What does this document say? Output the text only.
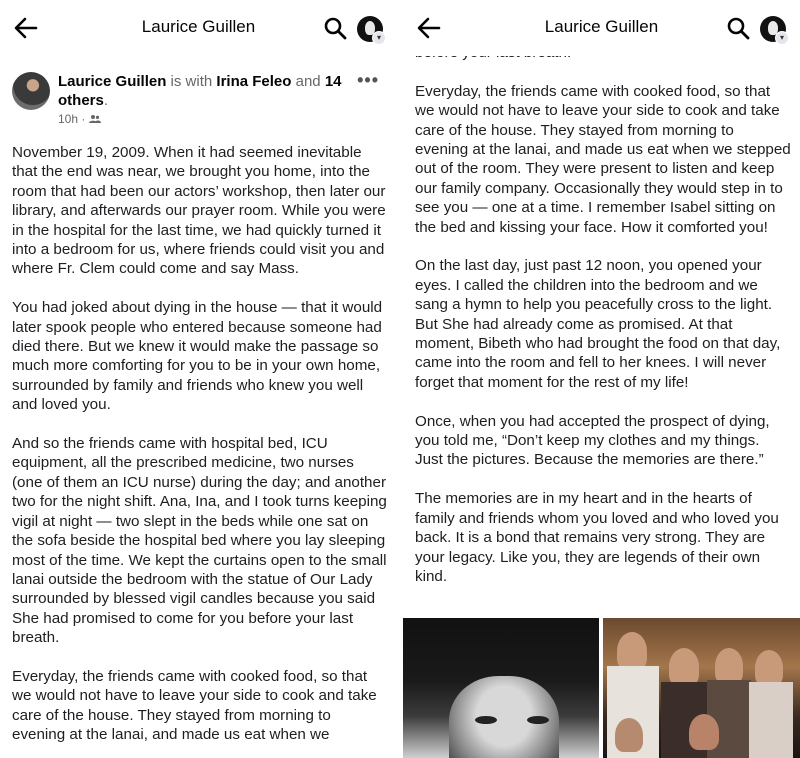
November 19, 2009. When it had seemed inevitable that the end was near, we brought you home, into the room that had been our actors’ workshop, then later our library, and afterwards our prayer room. While you were in the hospital for the last time, we had quickly turned it into a bedroom for us, where friends could visit you and where Fr. Clem could come and say Mass.

You had joked about dying in the house — that it would later spook people who entered because someone had died there. But we knew it would make the passage so much more comforting for you to be in your own home, surrounded by family and friends who knew you well and loved you.

And so the friends came with hospital bed, ICU equipment, all the prescribed medicine, two nurses (one of them an ICU nurse) during the day; and another two for the night shift. Ana, Ina, and I took turns keeping vigil at night — two slept in the beds while one sat on the sofa beside the hospital bed where you lay sleeping most of the time. We kept the curtains open to the small lanai outside the bedroom with the statue of Our Lady surrounded by blessed vigil candles because you said She had promised to come for you before your last breath.

Everyday, the friends came with cooked food, so that we would not have to leave your side to cook and take care of the house. They stayed from morning to evening at the lanai, and made us eat when we

Laurice Guillen
▾
Laurice Guillen is with Irina Feleo and 14 others.
10h ·
•••

Everyday, the friends came with cooked food, so that we would not have to leave your side to cook and take care of the house. They stayed from morning to evening at the lanai, and made us eat when we stepped out of the room. They were present to listen and keep our family company. Occasionally they would step in to see you — one at a time. I remember Isabel sitting on the bed and kissing your face. How it comforted you!

On the last day, just past 12 noon, you opened your eyes. I called the children into the bedroom and we sang a hymn to help you peacefully cross to the light. But She had already come as promised. At that moment, Bibeth who had brought the food on that day, came into the room and fell to her knees. I will never forget that moment for the rest of my life!

Once, when you had accepted the prospect of dying, you told me, “Don’t keep my clothes and my things. Just the pictures. Because the memories are there.”

The memories are in my heart and in the hearts of family and friends whom you loved and who loved you back. It is a bond that remains very strong. They are your legacy. Like you, they are legends of their own kind.

Laurice Guillen
▾
